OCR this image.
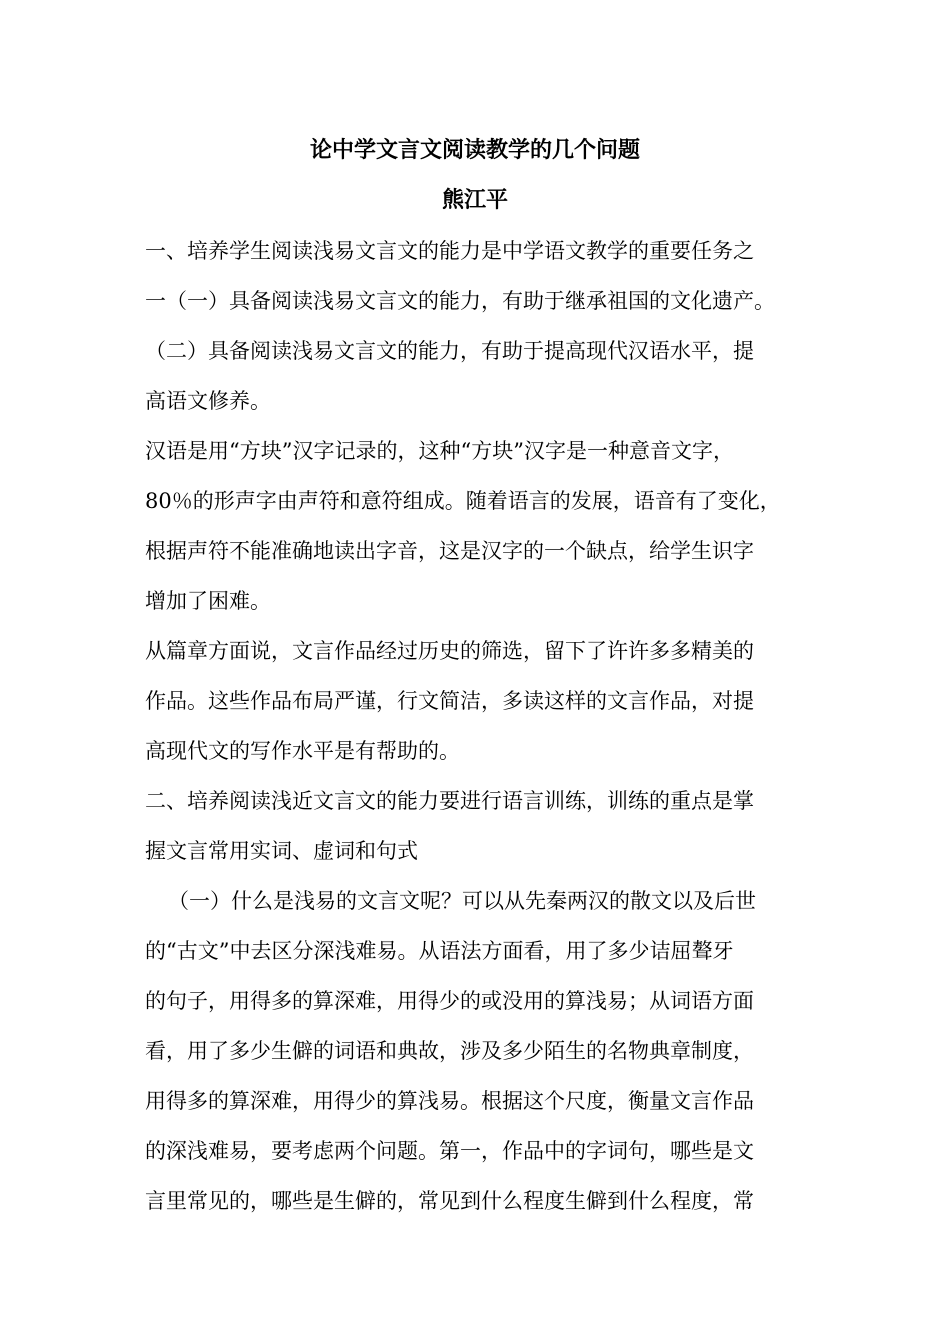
论中学文言文阅读教学的几个问题
熊江平
一、培养学生阅读浅易文言文的能力是中学语文教学的重要任务之
一（一）具备阅读浅易文言文的能力，有助于继承祖国的文化遗产。
（二）具备阅读浅易文言文的能力，有助于提高现代汉语水平，提
高语文修养。
汉语是用“方块”汉字记录的，这种“方块”汉字是一种意音文字，
80％的形声字由声符和意符组成。随着语言的发展，语音有了变化，
根据声符不能准确地读出字音，这是汉字的一个缺点，给学生识字
增加了困难。
从篇章方面说，文言作品经过历史的筛选，留下了许许多多精美的
作品。这些作品布局严谨，行文简洁，多读这样的文言作品，对提
高现代文的写作水平是有帮助的。
二、培养阅读浅近文言文的能力要进行语言训练，训练的重点是掌
握文言常用实词、虚词和句式
（一）什么是浅易的文言文呢？可以从先秦两汉的散文以及后世
的“古文”中去区分深浅难易。从语法方面看，用了多少诘屈聱牙
的句子，用得多的算深难，用得少的或没用的算浅易；从词语方面
看，用了多少生僻的词语和典故，涉及多少陌生的名物典章制度，
用得多的算深难，用得少的算浅易。根据这个尺度，衡量文言作品
的深浅难易，要考虑两个问题。第一，作品中的字词句，哪些是文
言里常见的，哪些是生僻的，常见到什么程度生僻到什么程度，常
